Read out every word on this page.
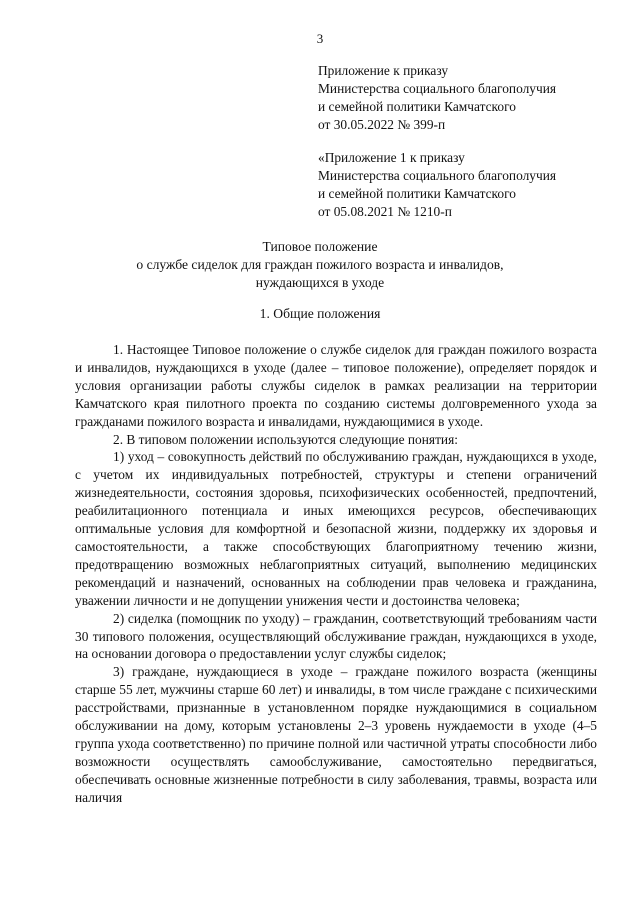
3
Приложение к приказу
Министерства социального благополучия
и семейной политики Камчатского
от 30.05.2022 № 399-п
«Приложение 1 к приказу
Министерства социального благополучия
и семейной политики Камчатского
от 05.08.2021 № 1210-п
Типовое положение
о службе сиделок для граждан пожилого возраста и инвалидов,
нуждающихся в уходе
1. Общие положения

1. Настоящее Типовое положение о службе сиделок для граждан пожилого возраста и инвалидов, нуждающихся в уходе (далее – типовое положение), определяет порядок и условия организации работы службы сиделок в рамках реализации на территории Камчатского края пилотного проекта по созданию системы долговременного ухода за гражданами пожилого возраста и инвалидами, нуждающимися в уходе.

2. В типовом положении используются следующие понятия:

1) уход – совокупность действий по обслуживанию граждан, нуждающихся в уходе, с учетом их индивидуальных потребностей, структуры и степени ограничений жизнедеятельности, состояния здоровья, психофизических особенностей, предпочтений, реабилитационного потенциала и иных имеющихся ресурсов, обеспечивающих оптимальные условия для комфортной и безопасной жизни, поддержку их здоровья и самостоятельности, а также способствующих благоприятному течению жизни, предотвращению возможных неблагоприятных ситуаций, выполнению медицинских рекомендаций и назначений, основанных на соблюдении прав человека и гражданина, уважении личности и не допущении унижения чести и достоинства человека;

2) сиделка (помощник по уходу) – гражданин, соответствующий требованиям части 30 типового положения, осуществляющий обслуживание граждан, нуждающихся в уходе, на основании договора о предоставлении услуг службы сиделок;

3) граждане, нуждающиеся в уходе – граждане пожилого возраста (женщины старше 55 лет, мужчины старше 60 лет) и инвалиды, в том числе граждане с психическими расстройствами, признанные в установленном порядке нуждающимися в социальном обслуживании на дому, которым установлены 2–3 уровень нуждаемости в уходе (4–5 группа ухода соответственно) по причине полной или частичной утраты способности либо возможности осуществлять самообслуживание, самостоятельно передвигаться, обеспечивать основные жизненные потребности в силу заболевания, травмы, возраста или наличия
